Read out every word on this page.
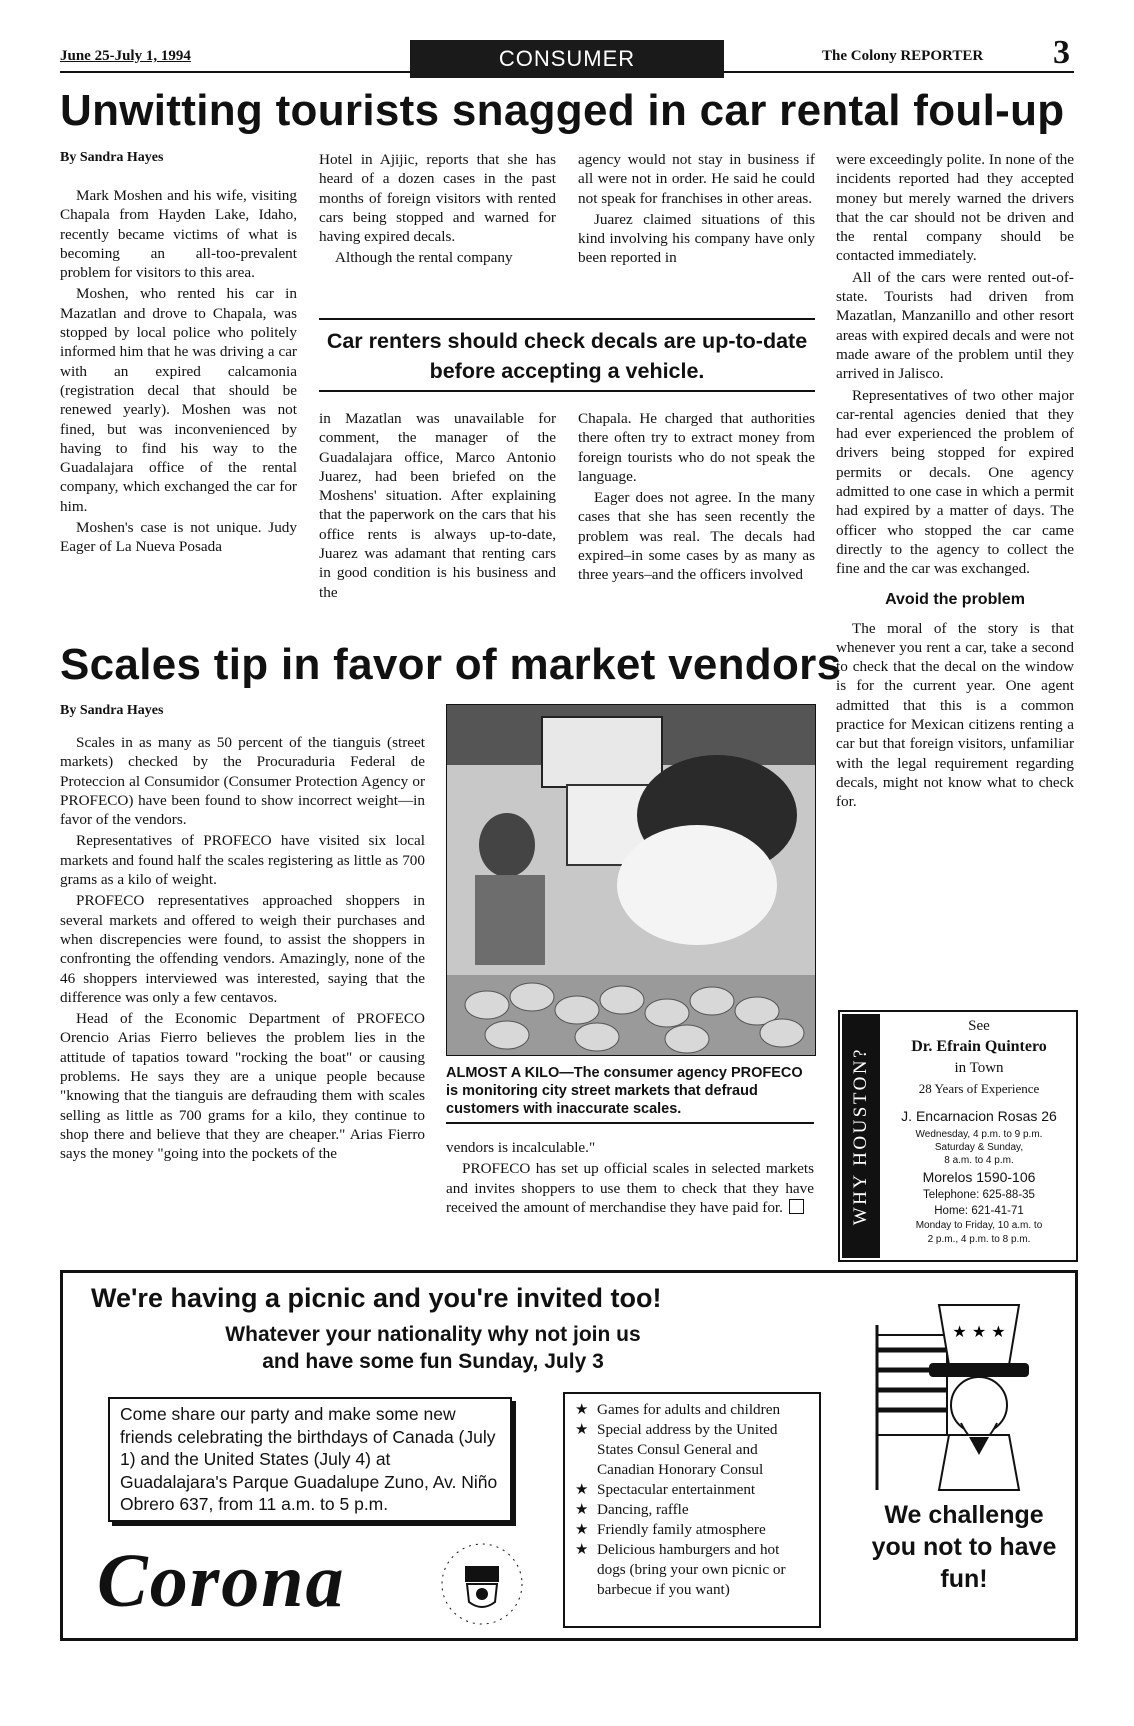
June 25-July 1, 1994	CONSUMER	The Colony REPORTER 3
Unwitting tourists snagged in car rental foul-up
By Sandra Hayes

Mark Moshen and his wife, visiting Chapala from Hayden Lake, Idaho, recently became victims of what is becoming an all-too-prevalent problem for visitors to this area.

Moshen, who rented his car in Mazatlan and drove to Chapala, was stopped by local police who politely informed him that he was driving a car with an expired calcamonia (registration decal that should be renewed yearly). Moshen was not fined, but was inconvenienced by having to find his way to the Guadalajara office of the rental company, which exchanged the car for him.

Moshen's case is not unique. Judy Eager of La Nueva Posada

Hotel in Ajijic, reports that she has heard of a dozen cases in the past months of foreign visitors with rented cars being stopped and warned for having expired decals.

Although the rental company

agency would not stay in business if all were not in order. He said he could not speak for franchises in other areas.

Juarez claimed situations of this kind involving his company have only been reported in

Car renters should check decals are up-to-date before accepting a vehicle.

in Mazatlan was unavailable for comment, the manager of the Guadalajara office, Marco Antonio Juarez, had been briefed on the Moshens' situation. After explaining that the paperwork on the cars that his office rents is always up-to-date, Juarez was adamant that renting cars in good condition is his business and the

Chapala. He charged that authorities there often try to extract money from foreign tourists who do not speak the language.

Eager does not agree. In the many cases that she has seen recently the problem was real. The decals had expired–in some cases by as many as three years–and the officers involved

were exceedingly polite. In none of the incidents reported had they accepted money but merely warned the drivers that the car should not be driven and the rental company should be contacted immediately.

All of the cars were rented out-of-state. Tourists had driven from Mazatlan, Manzanillo and other resort areas with expired decals and were not made aware of the problem until they arrived in Jalisco.

Representatives of two other major car-rental agencies denied that they had ever experienced the problem of drivers being stopped for expired permits or decals. One agency admitted to one case in which a permit had expired by a matter of days. The officer who stopped the car came directly to the agency to collect the fine and the car was exchanged.

Avoid the problem

The moral of the story is that whenever you rent a car, take a second to check that the decal on the window is for the current year. One agent admitted that this is a common practice for Mexican citizens renting a car but that foreign visitors, unfamiliar with the legal requirement regarding decals, might not know what to check for.

Scales tip in favor of market vendors
By Sandra Hayes

Scales in as many as 50 percent of the tianguis (street markets) checked by the Procuraduria Federal de Proteccion al Consumidor (Consumer Protection Agency or PROFECO) have been found to show incorrect weight—in favor of the vendors.

Representatives of PROFECO have visited six local markets and found half the scales registering as little as 700 grams as a kilo of weight.

PROFECO representatives approached shoppers in several markets and offered to weigh their purchases and when discrepencies were found, to assist the shoppers in confronting the offending vendors. Amazingly, none of the 46 shoppers interviewed was interested, saying that the difference was only a few centavos.

Head of the Economic Department of PROFECO Orencio Arias Fierro believes the problem lies in the attitude of tapatios toward "rocking the boat" or causing problems. He says they are a unique people because "knowing that the tianguis are defrauding them with scales selling as little as 700 grams for a kilo, they continue to shop there and believe that they are cheaper." Arias Fierro says the money "going into the pockets of the

ALMOST A KILO—The consumer agency PROFECO is monitoring city street markets that defraud customers with inaccurate scales.

vendors is incalculable."

PROFECO has set up official scales in selected markets and invites shoppers to use them to check that they have received the amount of merchandise they have paid for.	WHY HOUSTON?
See
Dr. Efrain Quintero
in Town
28 Years of Experience
J. Encarnacion Rosas 26
Wednesday, 4 p.m. to 9 p.m.
Saturday & Sunday,
8 a.m. to 4 p.m.
Morelos 1590-106
Telephone: 625-88-35
Home: 621-41-71
Monday to Friday, 10 a.m. to
2 p.m., 4 p.m. to 8 p.m.
We're having a picnic and you're invited too!
Whatever your nationality why not join us
and have some fun Sunday, July 3
Come share our party and make some new friends celebrating the birthdays of Canada (July 1) and the United States (July 4) at Guadalajara's Parque Guadalupe Zuno, Av. Niño Obrero 637, from 11 a.m. to 5 p.m.
★ Games for adults and children
★ Special address by the United States Consul General and Canadian Honorary Consul
★ Spectacular entertainment
★ Dancing, raffle
★ Friendly family atmosphere
★ Delicious hamburgers and hot dogs (bring your own picnic or barbecue if you want)
Corona
★ ★ ★
We challenge you not to have fun!
